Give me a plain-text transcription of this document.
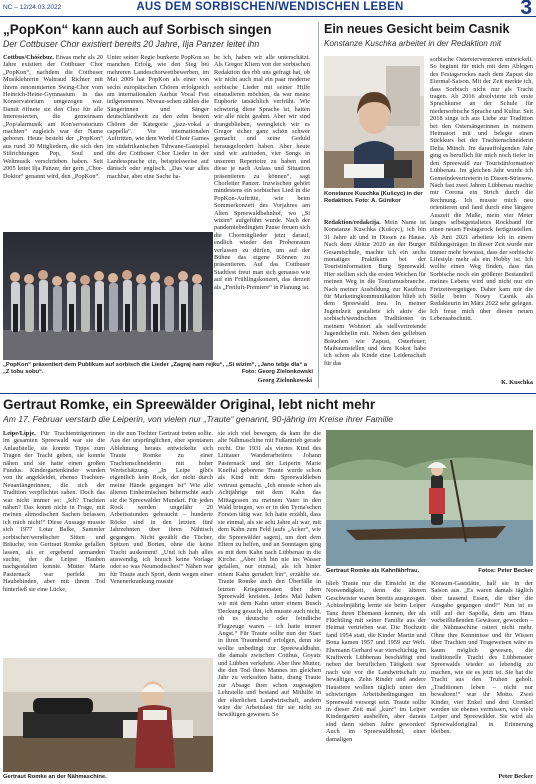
NC – 12/24.03.2022	AUS DEM SORBISCHEN/WENDISCHEN LEBEN	3
„PopKon“ kann auch auf Sorbisch singen
Der Cottbuser Chor existiert bereits 20 Jahre, Ilja Panzer leitet ihn
Cottbus/Chóśebuz. Etwas mehr als 20 Jahre existiert der Cottbuser Chor „PopKon“, nachdem die Cottbuser Musiklehrerin Waltraud Richter mit ihrem renommierten Swing-Chor vom Heinrich-Heine-Gymnasium in das Konservatorium umgezogen war. Damit öffnete sie den Chor für alle Interessierten, die gemeinsam „Pop/alarmusik am Kon'servatorium machten“ zugleich war der Name geboren. Heute besteht der „PopKon“ aus rund 30 Mitgliedern, die sich den Stilrichtungen Pop, Soul und Weltmusik verschrieben haben. Seit 2005 leitet Ilja Panzer, der gern „Chor-Doktor“ genannt wird, den „PopKon“.
Unter seiner Regie bunkerte PopKon so manchen Erfolg, wie den Sieg bei mehreren Landeschorwettbewerben, im Mai 2009 hat PopKon als einer von sechs europäischen Chören erfolgreich am internationalen Aarhus Vocal Fest teilgenommen. Niveau-schen zählen die Sängerinnen und Sänger deutschlandweit zu den zehn besten Chören der Kategorie „jazz-vokal a cappella“. Vor internationalen Auftritten, wie dem World Choir Games im südafrikanischen Tshwane-Gastspiel übt der Cottbuser Chor Lieder in der Landessprache ein, beispielsweise auf dänisch oder englisch. „Das war alles machbar, aber eine Sache ha-
be ich, haben wir alle unterschätzt. Als Gregor Kliem von der sorbischen Redaktion des rbb uns gefragt hat, ob wir nicht auch mal ein paar moderne sorbische Lieder mit seiner Hilfe einstudieren möchten, da war meine Euphorie tatsächlich verfrüht. Wie schwierig diese Sprache ist, hatten wir alle nicht geahnt. Aber wir sind drangeblieben, wenngleich wir es Gregor sicher ganz schön schwer gemacht und seine Geduld herausgefordert haben. Aber heute sind wir aufrieden, vier Songs in unserem Repertoire zu haben und diese je nach Anlass und Situation präsentieren zu können“, sagt Chorleiter Panzer. Inzwischen gehört mindestens ein sorbisches Lied in die PopKon-Auftritte, wie beim Sommerkonzert des Vorjahres am Alten Spreewaldbahnhof, wo „Si wizim“ aufgeführt wurde. Nach der pandemiebedingten Pause freuen sich die Chormitglieder jetzt darauf, endlich wieder den Probenraum verlassen zu dürfen, um auf der Bühne das eigene Können zu präsentieren. Auf das Cottbuser Stadtfest freut man sich genauso wie auf ein Frühlingskonzert, das derzeit als „Freiluft-Premiere“ in Planung ist.
„PopKon“ präsentiert dem Publikum auf sorbisch die Lieder „Zagraj nam rejku“, „Si wizim“, „Jano tebje dla“ a „Z tobu sobu“.	Foto: Georg Zielonkowski
Georg Zielonkowski
Ein neues Gesicht beim Casnik
Konstanze Kuschka arbeitet in der Redaktion mit
Konstanze Kuschka (Kušcyc) in der Redaktion. Foto: A. Günikor
Redaktion/redakcija. Mein Name ist Konstanze Kuschka (Kušcyc), ich bin 31 Jahre alt und in Dissen zu Hause. Nach dem Abitur 2020 an der Burger Gesamtschule, machte ich ein sechs monatiges Praktikum bei der Touristinformation Burg Spreewald. Hier stellten sich die ersten Weichen für meinen Weg in die Tourismusbranche. Nach meiner Ausbildung zur Kauffrau für Marketingkommunikation blieb ich dem Spreewald treu. In meiner Jugendzeit gestaltete ich aktiv die sorbisch/wendischen Traditionen in meinem Wohnort als stellvertretende Jugendchefin mit. Neben den geliebten Bräuchen wie Zapust, Osterfeuer, Maibaumstellen und dem Kokot habe ich schon als Kinde eine Leidenschaft für das
sorbische Ostereierverzieren entwickelt. So beginnt für mich mit dem Ablegen des Festagsrockes nach dem Zapust die Eiermal-Saison. Mit der Zeit merkte ich, dass Sorbisch nicht nur als Tracht tragen. Ab 2016 absolvierte ich erste Sprachkurse an der Schule für niedersorbische Sprache und Kultur. Seit 2018 singe ich aus Liebe zur Tradition bei den Ostersängerinnen in meinem Heimatort mit und belegte einen Stickkurs bei der Trachtenschneiderin Delia Münch. Im darauffolgenden Jahr ging es beruflich für mich noch tiefer in den Spreewald zur Touristinformation Lübbenau. Im gleichen Jahr wurde ich Gemeindevertreterin in Dissen-Striesow. Nach fast zwei Jahren Lübbenau machte mir Corona ein Strich durch die Rechnung. Ich musste mich neu orientieren und fand durch eine längere Auszeit die Muße, mein vier Meter langes selbstgestaltetes Rockband für einen neuen Festagsrock fertigzustellen. Ab Juni 2021 arbeitete ich in einem Bildungsträger. In dieser Zeit wurde mir immer mehr bewusst, dass der sorbische Lifestyle mehr als ein Hobby ist. Ich wollte einen Weg finden, dass das Sorbische noch ein größerer Bestandteil meines Lebens wird und nicht nur ein Freizeitvergnügen. Daher kam mir die Stelle beim Nowy Casnik als Redakteurin im März 2022 sehr gelegen. Ich freue mich über diesen neuen Lebensabschnitt.
K. Kuschka
Gertraut Romke, ein Spreewälder Original, lebt nicht mehr
Am 17. Februar verstarb die Leiperin, von vielen nur „Traute“ genannt, 90-jährig im Kreise ihrer Familie
Leipe/Lipje. Für Trachtenträgerinnen im gesamten Spreewald war sie die Anlaufstelle, sie konnte Tipps zum Tragen der Tracht geben, sie konnte nähen und sie hatte einen großen Fundus. Kindergartenkinder wurden von ihr angekleidet, ebenso Trachten-Neuanfängerinnen, die sich der Tradition verpflichtet sahen. Doch das war nicht immer so: „Ich? Trachten nähen? Das konnt nicht in Frage, mit meinen altmodischen Sachen befassen ich mich nicht!“ Diese Aussage musste sich 1977 Lotar Balke, Sammler sorbischer/wendischer Sitten und Bräuche, von Gertraut Romke gefallen lassen, als er ergebend anmanden suchte, der die Leiper Hauben nachgestalten konnte. Mutter Marie Pasternack war perfekt im Haubebinden, aber mit ihrem Tod hinterließ sie eine Lücke,
in die nun Tochter Gertraut treten sollte. Aus der ursprünglichen, eher spontanen Ablehnung heraus entwickelte sich Traute Romke zu einer Trachtenschneiderin mit hoher Wertschätzung. „In Leipe gibt's eigentlich kein Rock, der nicht durch meine Hände gegangen ist“ Wie alle älteren Einheimischen beherrschte auch sie die Spreewälder Mundart. Für jeden Rock werden ungefähr 20 Arbeitsstunden gebraucht – hunderte Röcke sind in den letzten fünf Jahrzehnten über ihren Nähtisch gegangen. Nicht gezählt die Tücher, Spitzen und Borten, ohne die keine Tracht auskommt! „Und ich hab alles auswendig, ich brauch keine Vorlage oder so was Neumodisches!“ Nähen war für Traute auch Sport, denn wegen einer Venenerkrankung musste
sie sich viel bewegen, da kam ihr die alte Nähmaschine mit Fußantrieb gerade recht. Die 1931 als viertes Kind des Lititauer Wanderarbeiters Johann Pasternack und der Leiperin Marie Kneffal geborene Traute wurde schon als Kind mit dem Spreewaldleben vertraut gemacht. „Ich musste schon als Achtjährige mit dem Kahn das Mittagessen zu meinem Vater in den Wald bringen, wo er in den Tyrna'schen Forsten tätig war. Ich hatte erzählt, dass sie einmal, als sie acht Jahre alt war, mit dem Kahn zum Feld (aufs „Acker“, wie die Spreewälder sagen), um dort dem Eltern zu helfen, und an Sonntagen ging es mit dem Kahn nach Lübbenau in die Kirche. „Aber ich bin nie ins Wasser gefallen, nur einmal, als ich hinter einem Kahn gerudert bin“, erzählte sie. Traute Romke auch den Überfälle in letzten Kriegsmonaten über dem Spreewald kreisten. Jedes Mal haben wir mit dem Kahn unter einem Busch Deckung gesucht, ich musste auch nicht, ob es deutsche oder feindliche Flugzeuge waren – ich hatte immer Angst.“ Für Traute sollte nun der Start in ihren Traumberuf erfolgen, denn sie wollte unbedingt zur Spreewaldbahn, die damals zwischen Cottbus, Goyatz und Lübben verkehrte. Aber ihre Mutter, die den Tod ihres Mannes im gleichen Jahr zu verkraften hatte, drang Traute zur Absage ihrer schon zugesagten Lehrstelle und bestand auf Mithilfe in der elterlichen Landwirtschaft, andern wäre die Arbeitslast für sie nicht zu bewältigen gewesen. So
Gertraut Romke als Kahnfährfrau.	Fotos: Peter Becker
blieb Traute nur die Einsicht in die Notwendigkeit, denn die älteren Geschwister waren bereits ausgezogen. Achtzehnjährig lernte sie beim Leiper Tanz ihren Ehemann kennen, der als Flüchtling mit seiner Familie aus der Heimat vertrieben war. Die Hochzeit fand 1954 statt, die Kinder Martin und Bona kamen 1957 und 1959 zur Welt. Ehemann Gerhard war vierschichtig im Kraftwerk Lübbenau beschäftigt und neben der beruflichen Tätigkeit war nach wie vor die Landwirtschaft zu bewältigen. Zehn Rinder und andere Haustiere wollten täglich unter den schwierigen Arbeitsbedingungen im Spreewald versorgt sein. Traute sollte in dieser Zeit mal „kurz“ im Leiper Kindergarten aushelfen, aber daraus sind dann sieben Jahre geworden! Auch im Spreewaldhotel, einer damaligen
Konsum-Gaststätte, half sie in der Saison aus. „Es waren damals täglich über tausend Essen, die über die Ausgabe gegangen sind!“ Nun ist es still auf der Sapolla, dem am Haus vorbeifließenden Gewässer, geworden – die Nähmaschine rattert nicht mehr. Ohne ihre Kenntnisse und ihr Wissen über Trachten und Trageweisen wäre es kaum möglich gewesen, die traditionelle Tracht des Lübbenauer Spreewalds wieder so lebendig zu machen, wie sie es jetzt ist. Sie hat die Tracht aus den Truhen geholt. „Traditionen leben – nicht nur bewahren!“ war ihr Motto. Zwei Kinder, vier Enkel und drei Urenkel werden sie ebenso vermissen, wie viele Leiper und Spreewälder. Sie wird als Spreewaldoriginal in Erinnerung bleiben.
Peter Becker
Gertraut Romke an der Nähmaschine.
